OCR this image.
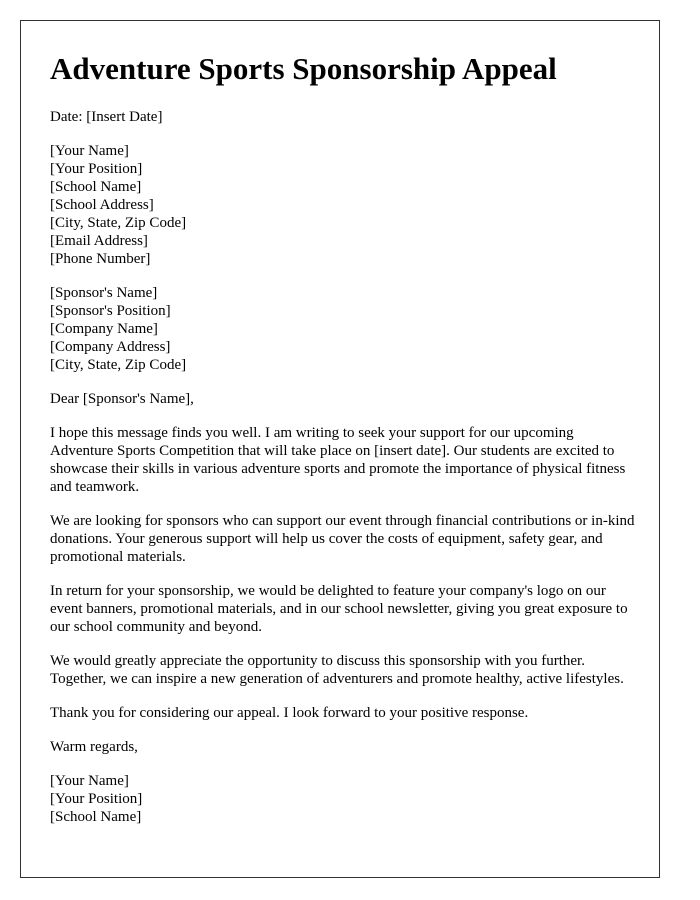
Adventure Sports Sponsorship Appeal
Date: [Insert Date]
[Your Name]
[Your Position]
[School Name]
[School Address]
[City, State, Zip Code]
[Email Address]
[Phone Number]
[Sponsor's Name]
[Sponsor's Position]
[Company Name]
[Company Address]
[City, State, Zip Code]

Dear [Sponsor's Name],

I hope this message finds you well. I am writing to seek your support for our upcoming Adventure Sports Competition that will take place on [insert date]. Our students are excited to showcase their skills in various adventure sports and promote the importance of physical fitness and teamwork.

We are looking for sponsors who can support our event through financial contributions or in-kind donations. Your generous support will help us cover the costs of equipment, safety gear, and promotional materials.

In return for your sponsorship, we would be delighted to feature your company's logo on our event banners, promotional materials, and in our school newsletter, giving you great exposure to our school community and beyond.

We would greatly appreciate the opportunity to discuss this sponsorship with you further. Together, we can inspire a new generation of adventurers and promote healthy, active lifestyles.

Thank you for considering our appeal. I look forward to your positive response.

Warm regards,

[Your Name]
[Your Position]
[School Name]
